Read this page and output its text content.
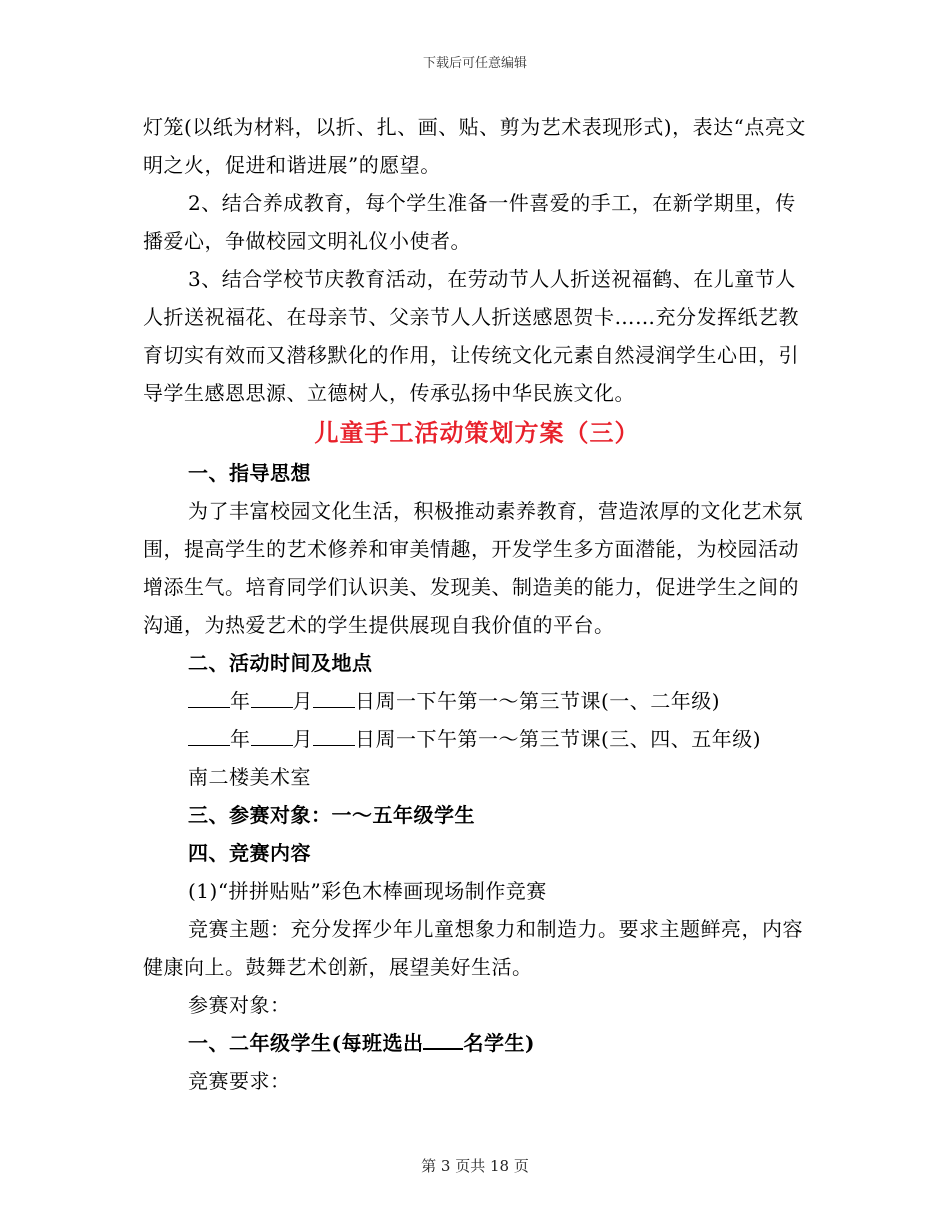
下载后可任意编辑

灯笼(以纸为材料，以折、扎、画、贴、剪为艺术表现形式)，表达“点亮文明之火，促进和谐进展”的愿望。

2、结合养成教育，每个学生准备一件喜爱的手工，在新学期里，传播爱心，争做校园文明礼仪小使者。

3、结合学校节庆教育活动，在劳动节人人折送祝福鹤、在儿童节人人折送祝福花、在母亲节、父亲节人人折送感恩贺卡……充分发挥纸艺教育切实有效而又潜移默化的作用，让传统文化元素自然浸润学生心田，引导学生感恩思源、立德树人，传承弘扬中华民族文化。

儿童手工活动策划方案（三）

一、指导思想

为了丰富校园文化生活，积极推动素养教育，营造浓厚的文化艺术氛围，提高学生的艺术修养和审美情趣，开发学生多方面潜能，为校园活动增添生气。培育同学们认识美、发现美、制造美的能力，促进学生之间的沟通，为热爱艺术的学生提供展现自我价值的平台。

二、活动时间及地点

年 月 日周一下午第一～第三节课(一、二年级)

年 月 日周一下午第一～第三节课(三、四、五年级)

南二楼美术室

三、参赛对象：一～五年级学生

四、竞赛内容

(1)“拼拼贴贴”彩色木棒画现场制作竞赛

竞赛主题：充分发挥少年儿童想象力和制造力。要求主题鲜亮，内容健康向上。鼓舞艺术创新，展望美好生活。

参赛对象：

一、二年级学生(每班选出 名学生)

竞赛要求：

第 3 页共 18 页
